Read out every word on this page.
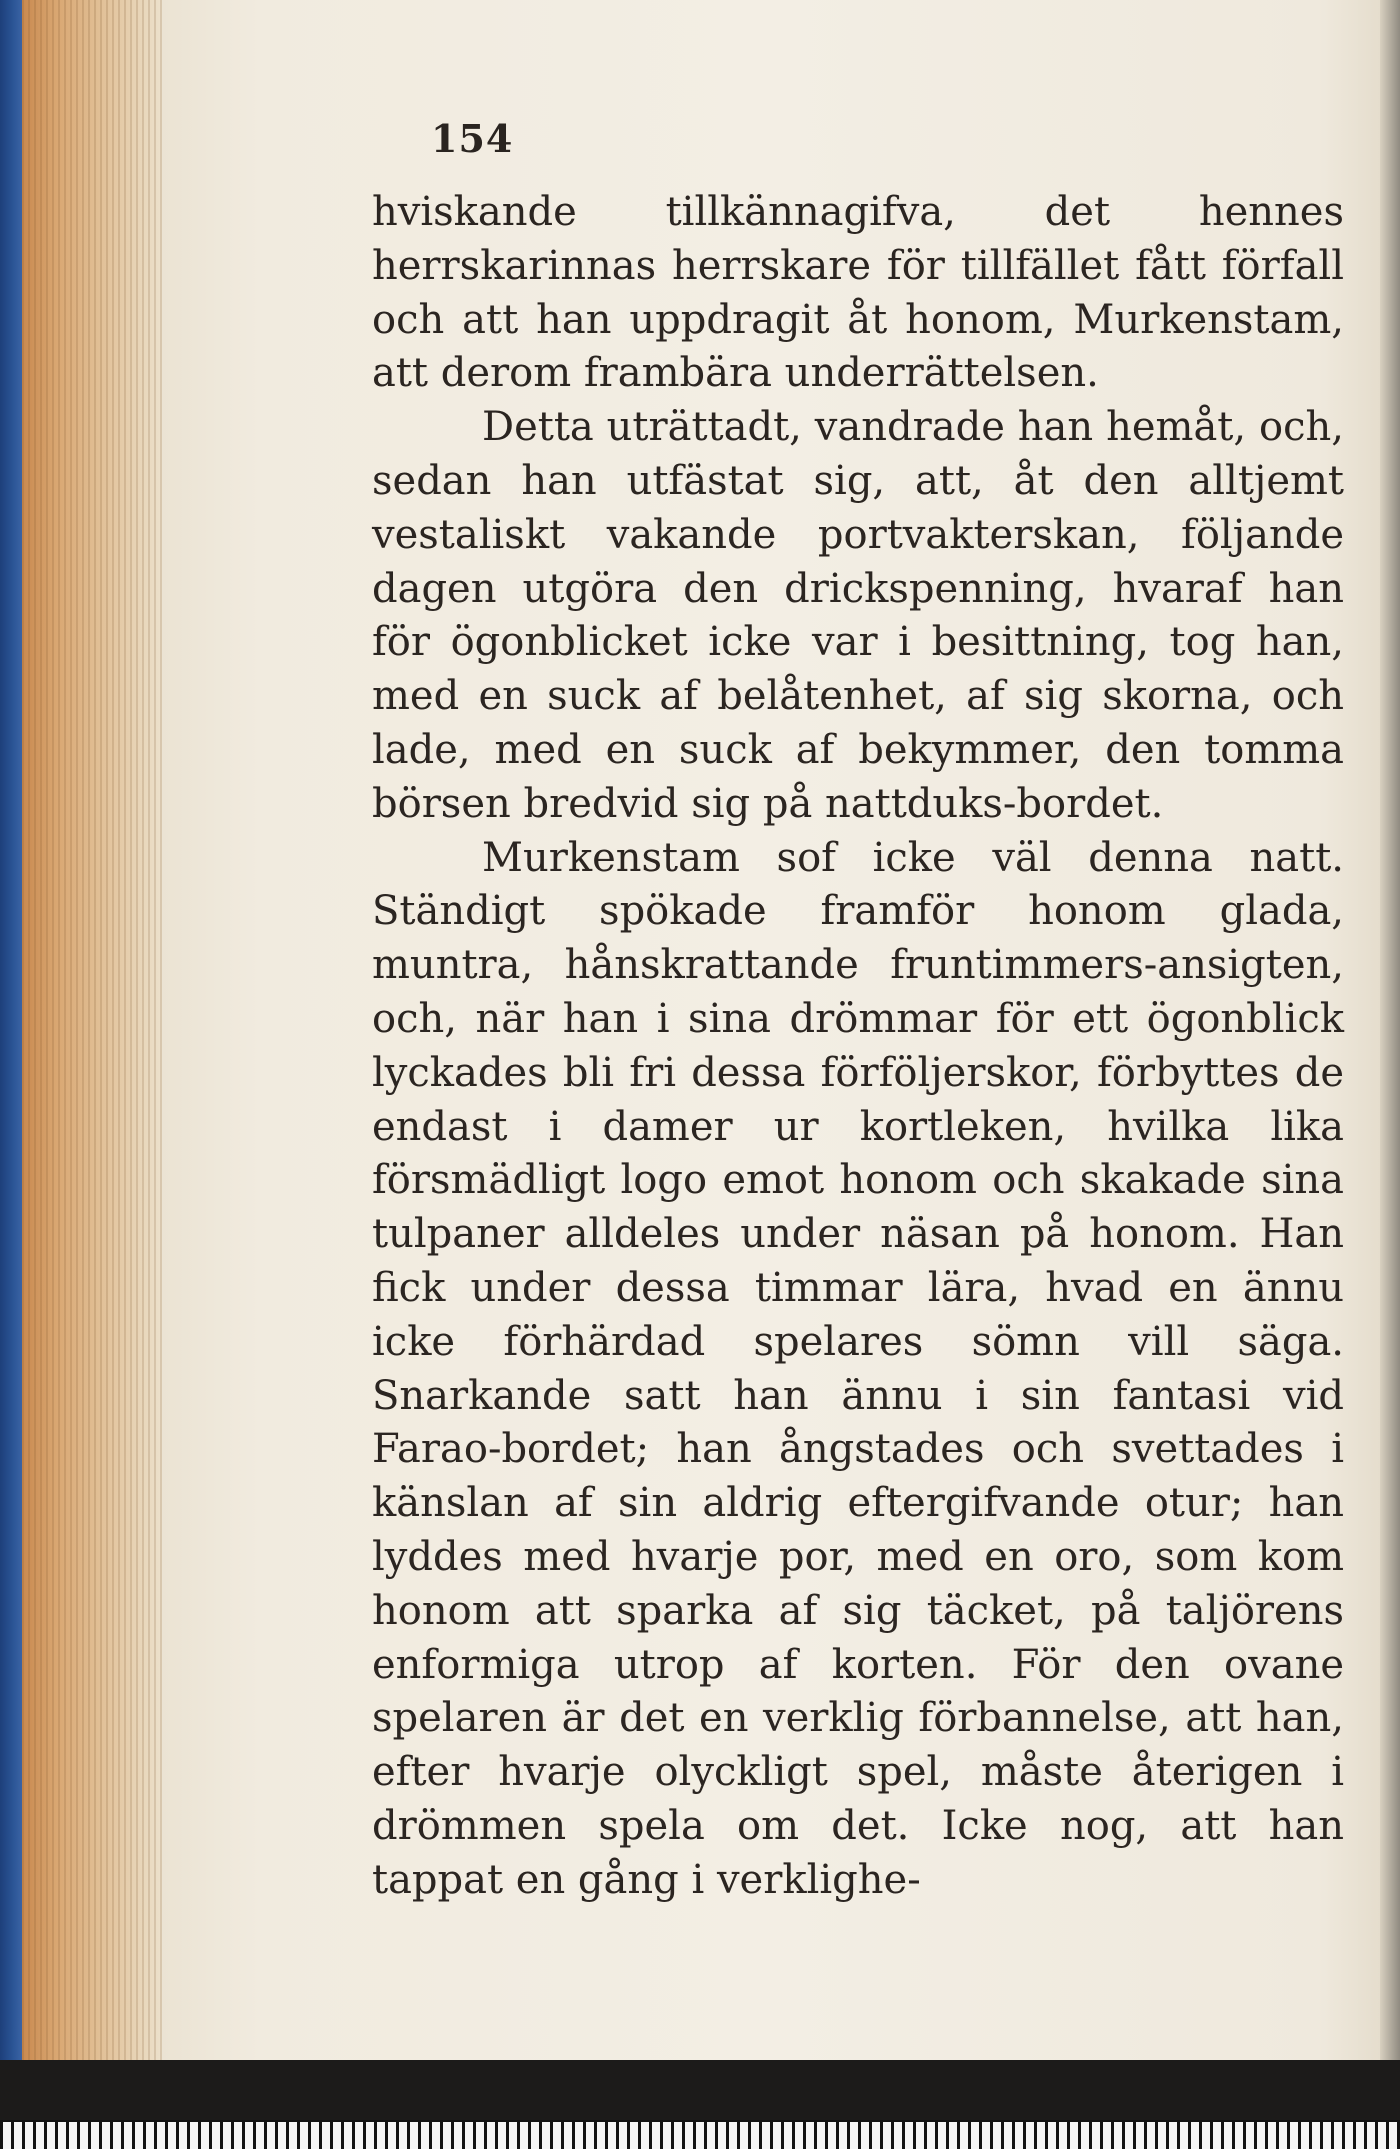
154

hviskande tillkännagifva, det hennes herrskarinnas herrskare för tillfället fått förfall och att han uppdragit åt honom, Murkenstam, att derom frambära underrättelsen.

Detta uträttadt, vandrade han hemåt, och, sedan han utfästat sig, att, åt den alltjemt vestaliskt vakande portvakterskan, följande dagen utgöra den drickspenning, hvaraf han för ögonblicket icke var i besittning, tog han, med en suck af belåtenhet, af sig skorna, och lade, med en suck af bekymmer, den tomma börsen bredvid sig på nattduks-bordet.

Murkenstam sof icke väl denna natt. Ständigt spökade framför honom glada, muntra, hånskrattande fruntimmers-ansigten, och, när han i sina drömmar för ett ögonblick lyckades bli fri dessa förföljerskor, förbyttes de endast i damer ur kortleken, hvilka lika försmädligt logo emot honom och skakade sina tulpaner alldeles under näsan på honom. Han fick under dessa timmar lära, hvad en ännu icke förhärdad spelares sömn vill säga. Snarkande satt han ännu i sin fantasi vid Farao-bordet; han ångstades och svettades i känslan af sin aldrig eftergifvande otur; han lyddes med hvarje por, med en oro, som kom honom att sparka af sig täcket, på taljörens enformiga utrop af korten. För den ovane spelaren är det en verklig förbannelse, att han, efter hvarje olyckligt spel, måste återigen i drömmen spela om det. Icke nog, att han tappat en gång i verklighe-
